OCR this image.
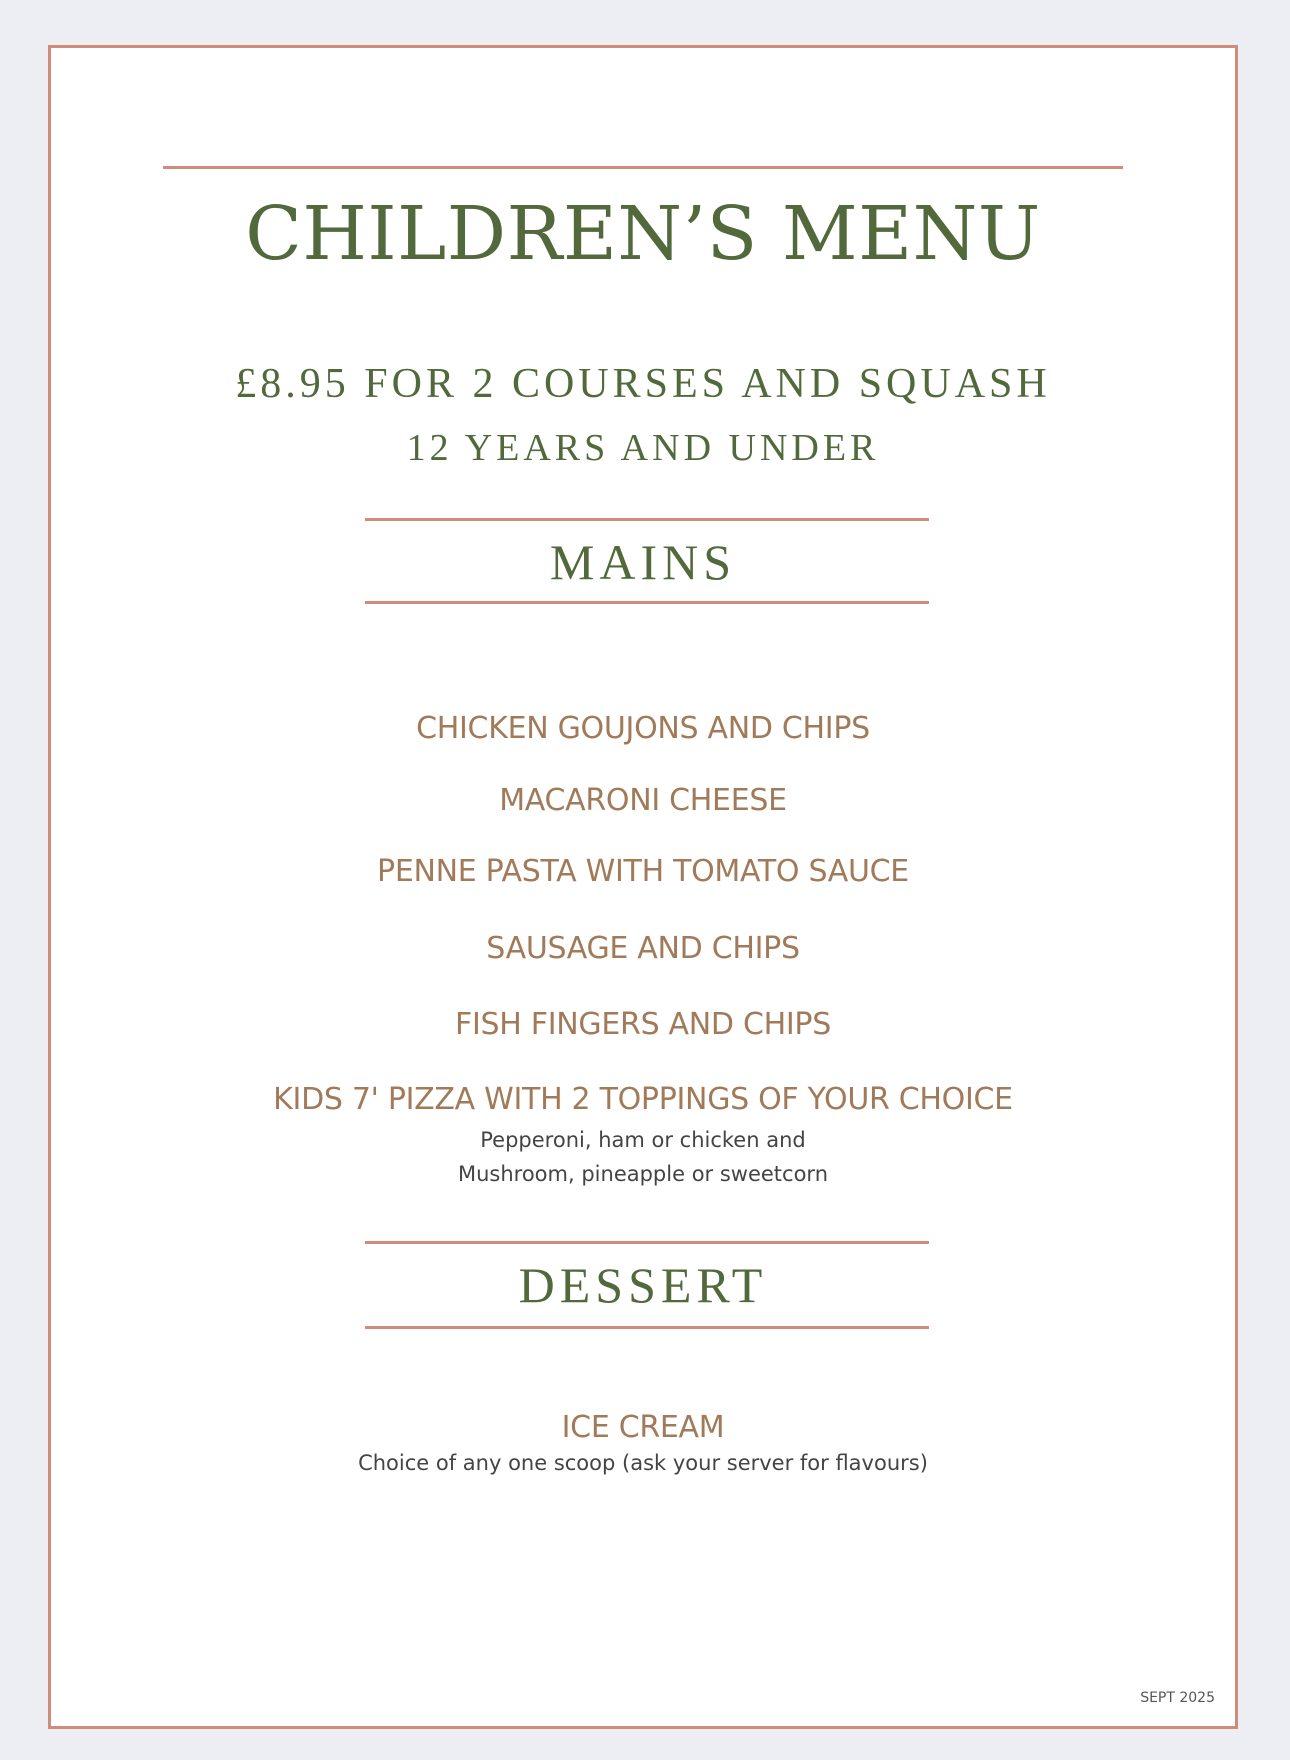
CHILDREN’S MENU
£8.95 FOR 2 COURSES AND SQUASH
12 YEARS AND UNDER
MAINS
CHICKEN GOUJONS AND CHIPS
MACARONI CHEESE
PENNE PASTA WITH TOMATO SAUCE
SAUSAGE AND CHIPS
FISH FINGERS AND CHIPS
KIDS 7' PIZZA WITH 2 TOPPINGS OF YOUR CHOICE
Pepperoni, ham or chicken and
Mushroom, pineapple or sweetcorn
DESSERT
ICE CREAM
Choice of any one scoop (ask your server for flavours)
SEPT 2025
